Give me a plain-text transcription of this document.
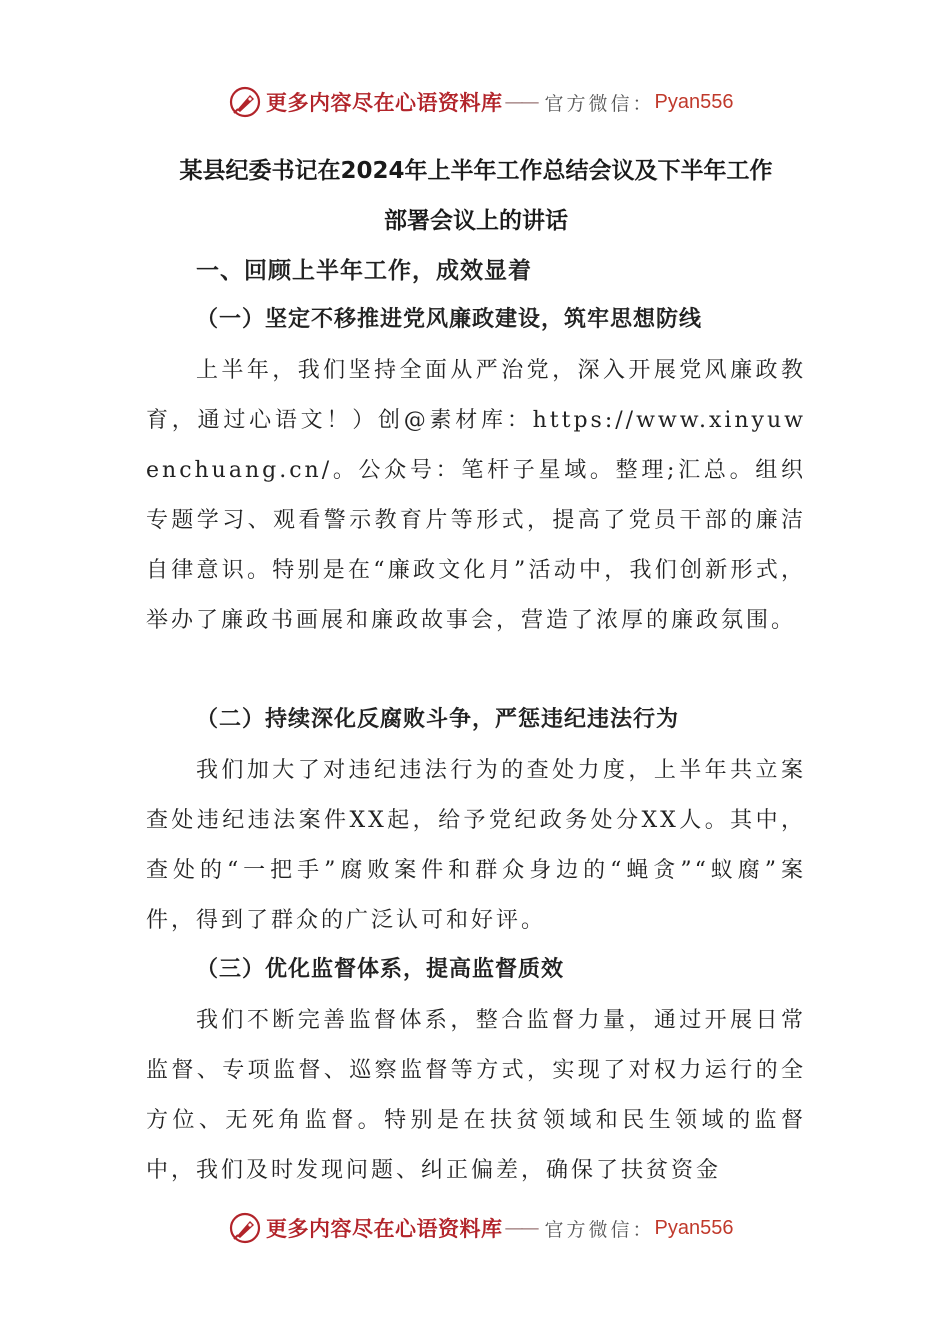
更多内容尽在心语资料库 —— 官方微信： Pyan556
某县纪委书记在2024年上半年工作总结会议及下半年工作
部署会议上的讲话
一、回顾上半年工作，成效显着
（一）坚定不移推进党风廉政建设，筑牢思想防线

上半年，我们坚持全面从严治党，深入开展党风廉政教育，通过心语文！）创@素材库：https://www.xinyuwenchuang.cn/。公众号：笔杆子星域。整理;汇总。组织专题学习、观看警示教育片等形式，提高了党员干部的廉洁自律意识。特别是在“廉政文化月”活动中，我们创新形式，举办了廉政书画展和廉政故事会，营造了浓厚的廉政氛围。

（二）持续深化反腐败斗争，严惩违纪违法行为

我们加大了对违纪违法行为的查处力度，上半年共立案查处违纪违法案件XX起，给予党纪政务处分XX人。其中，查处的“一把手”腐败案件和群众身边的“蝇贪”“蚁腐”案件，得到了群众的广泛认可和好评。

（三）优化监督体系，提高监督质效

我们不断完善监督体系，整合监督力量，通过开展日常监督、专项监督、巡察监督等方式，实现了对权力运行的全方位、无死角监督。特别是在扶贫领域和民生领域的监督中，我们及时发现问题、纠正偏差，确保了扶贫资金

更多内容尽在心语资料库 —— 官方微信： Pyan556
